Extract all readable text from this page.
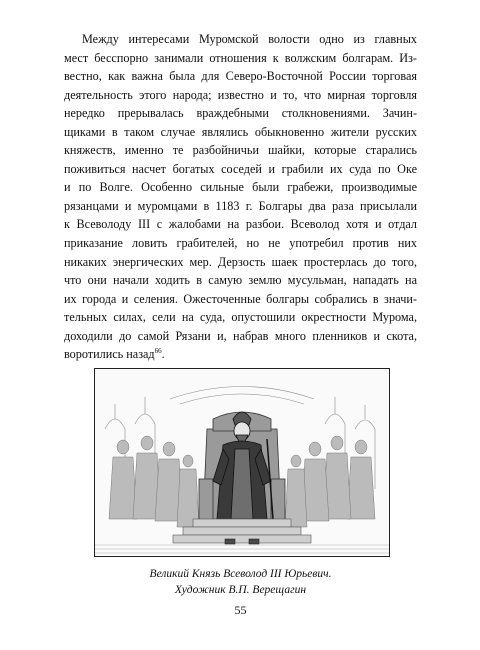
Между интересами Муромской волости одно из главных
мест бесспорно занимали отношения к волжским болгарам. Из-
вестно, как важна была для Северо-Восточной России торговая
деятельность этого народа; известно и то, что мирная торговля
нередко прерывалась враждебными столкновениями. Зачин-
щиками в таком случае являлись обыкновенно жители русских
княжеств, именно те разбойничьи шайки, которые старались
поживиться насчет богатых соседей и грабили их суда по Оке
и по Волге. Особенно сильные были грабежи, производимые
рязанцами и муромцами в 1183 г. Болгары два раза присылали
к Всеволоду III с жалобами на разбои. Всеволод хотя и отдал
приказание ловить грабителей, но не употребил против них
никаких энергических мер. Дерзость шаек простерлась до того,
что они начали ходить в самую землю мусульман, нападать на
их города и селения. Ожесточенные болгары собрались в значи-
тельных силах, сели на суда, опустошили окрестности Мурома,
доходили до самой Рязани и, набрав много пленников и скота,
воротились назад$^{66}$.
Великий Князь Всеволод III Юрьевич.
Художник В.П. Верещагин
55
